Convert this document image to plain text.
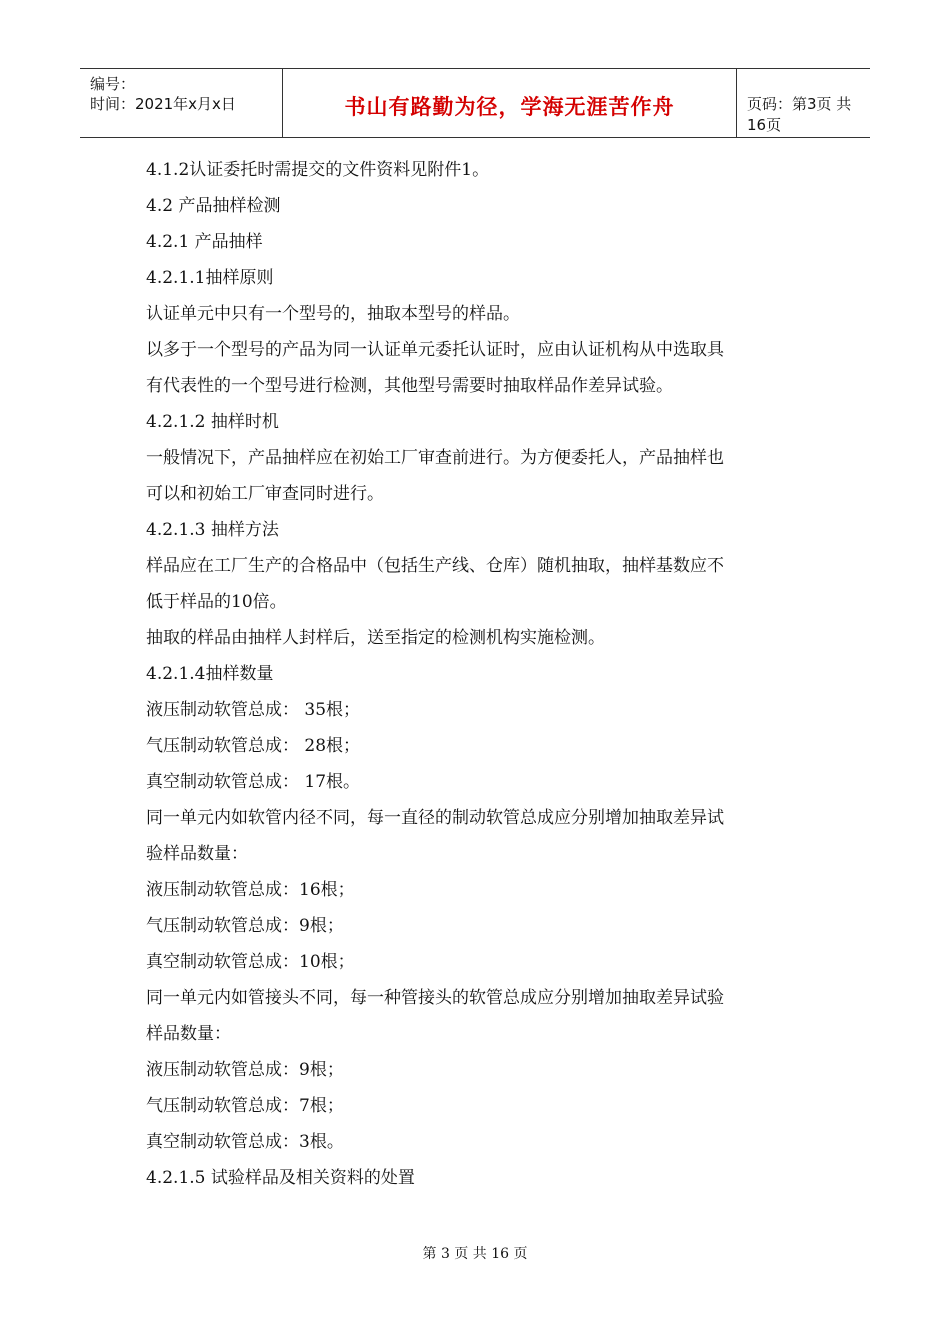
编号：
时间：2021年x月x日	书山有路勤为径，学海无涯苦作舟	页码：第3页 共16页
4.1.2认证委托时需提交的文件资料见附件1。
4.2 产品抽样检测
4.2.1 产品抽样
4.2.1.1抽样原则
认证单元中只有一个型号的，抽取本型号的样品。
以多于一个型号的产品为同一认证单元委托认证时，应由认证机构从中选取具
有代表性的一个型号进行检测，其他型号需要时抽取样品作差异试验。
4.2.1.2 抽样时机
一般情况下，产品抽样应在初始工厂审查前进行。为方便委托人，产品抽样也
可以和初始工厂审查同时进行。
4.2.1.3 抽样方法
样品应在工厂生产的合格品中（包括生产线、仓库）随机抽取，抽样基数应不
低于样品的10倍。
抽取的样品由抽样人封样后，送至指定的检测机构实施检测。
4.2.1.4抽样数量
液压制动软管总成： 35根；
气压制动软管总成： 28根；
真空制动软管总成： 17根。
同一单元内如软管内径不同，每一直径的制动软管总成应分别增加抽取差异试
验样品数量：
液压制动软管总成：16根；
气压制动软管总成：9根；
真空制动软管总成：10根；
同一单元内如管接头不同，每一种管接头的软管总成应分别增加抽取差异试验
样品数量：
液压制动软管总成：9根；
气压制动软管总成：7根；
真空制动软管总成：3根。
4.2.1.5 试验样品及相关资料的处置
第 3 页 共 16 页
